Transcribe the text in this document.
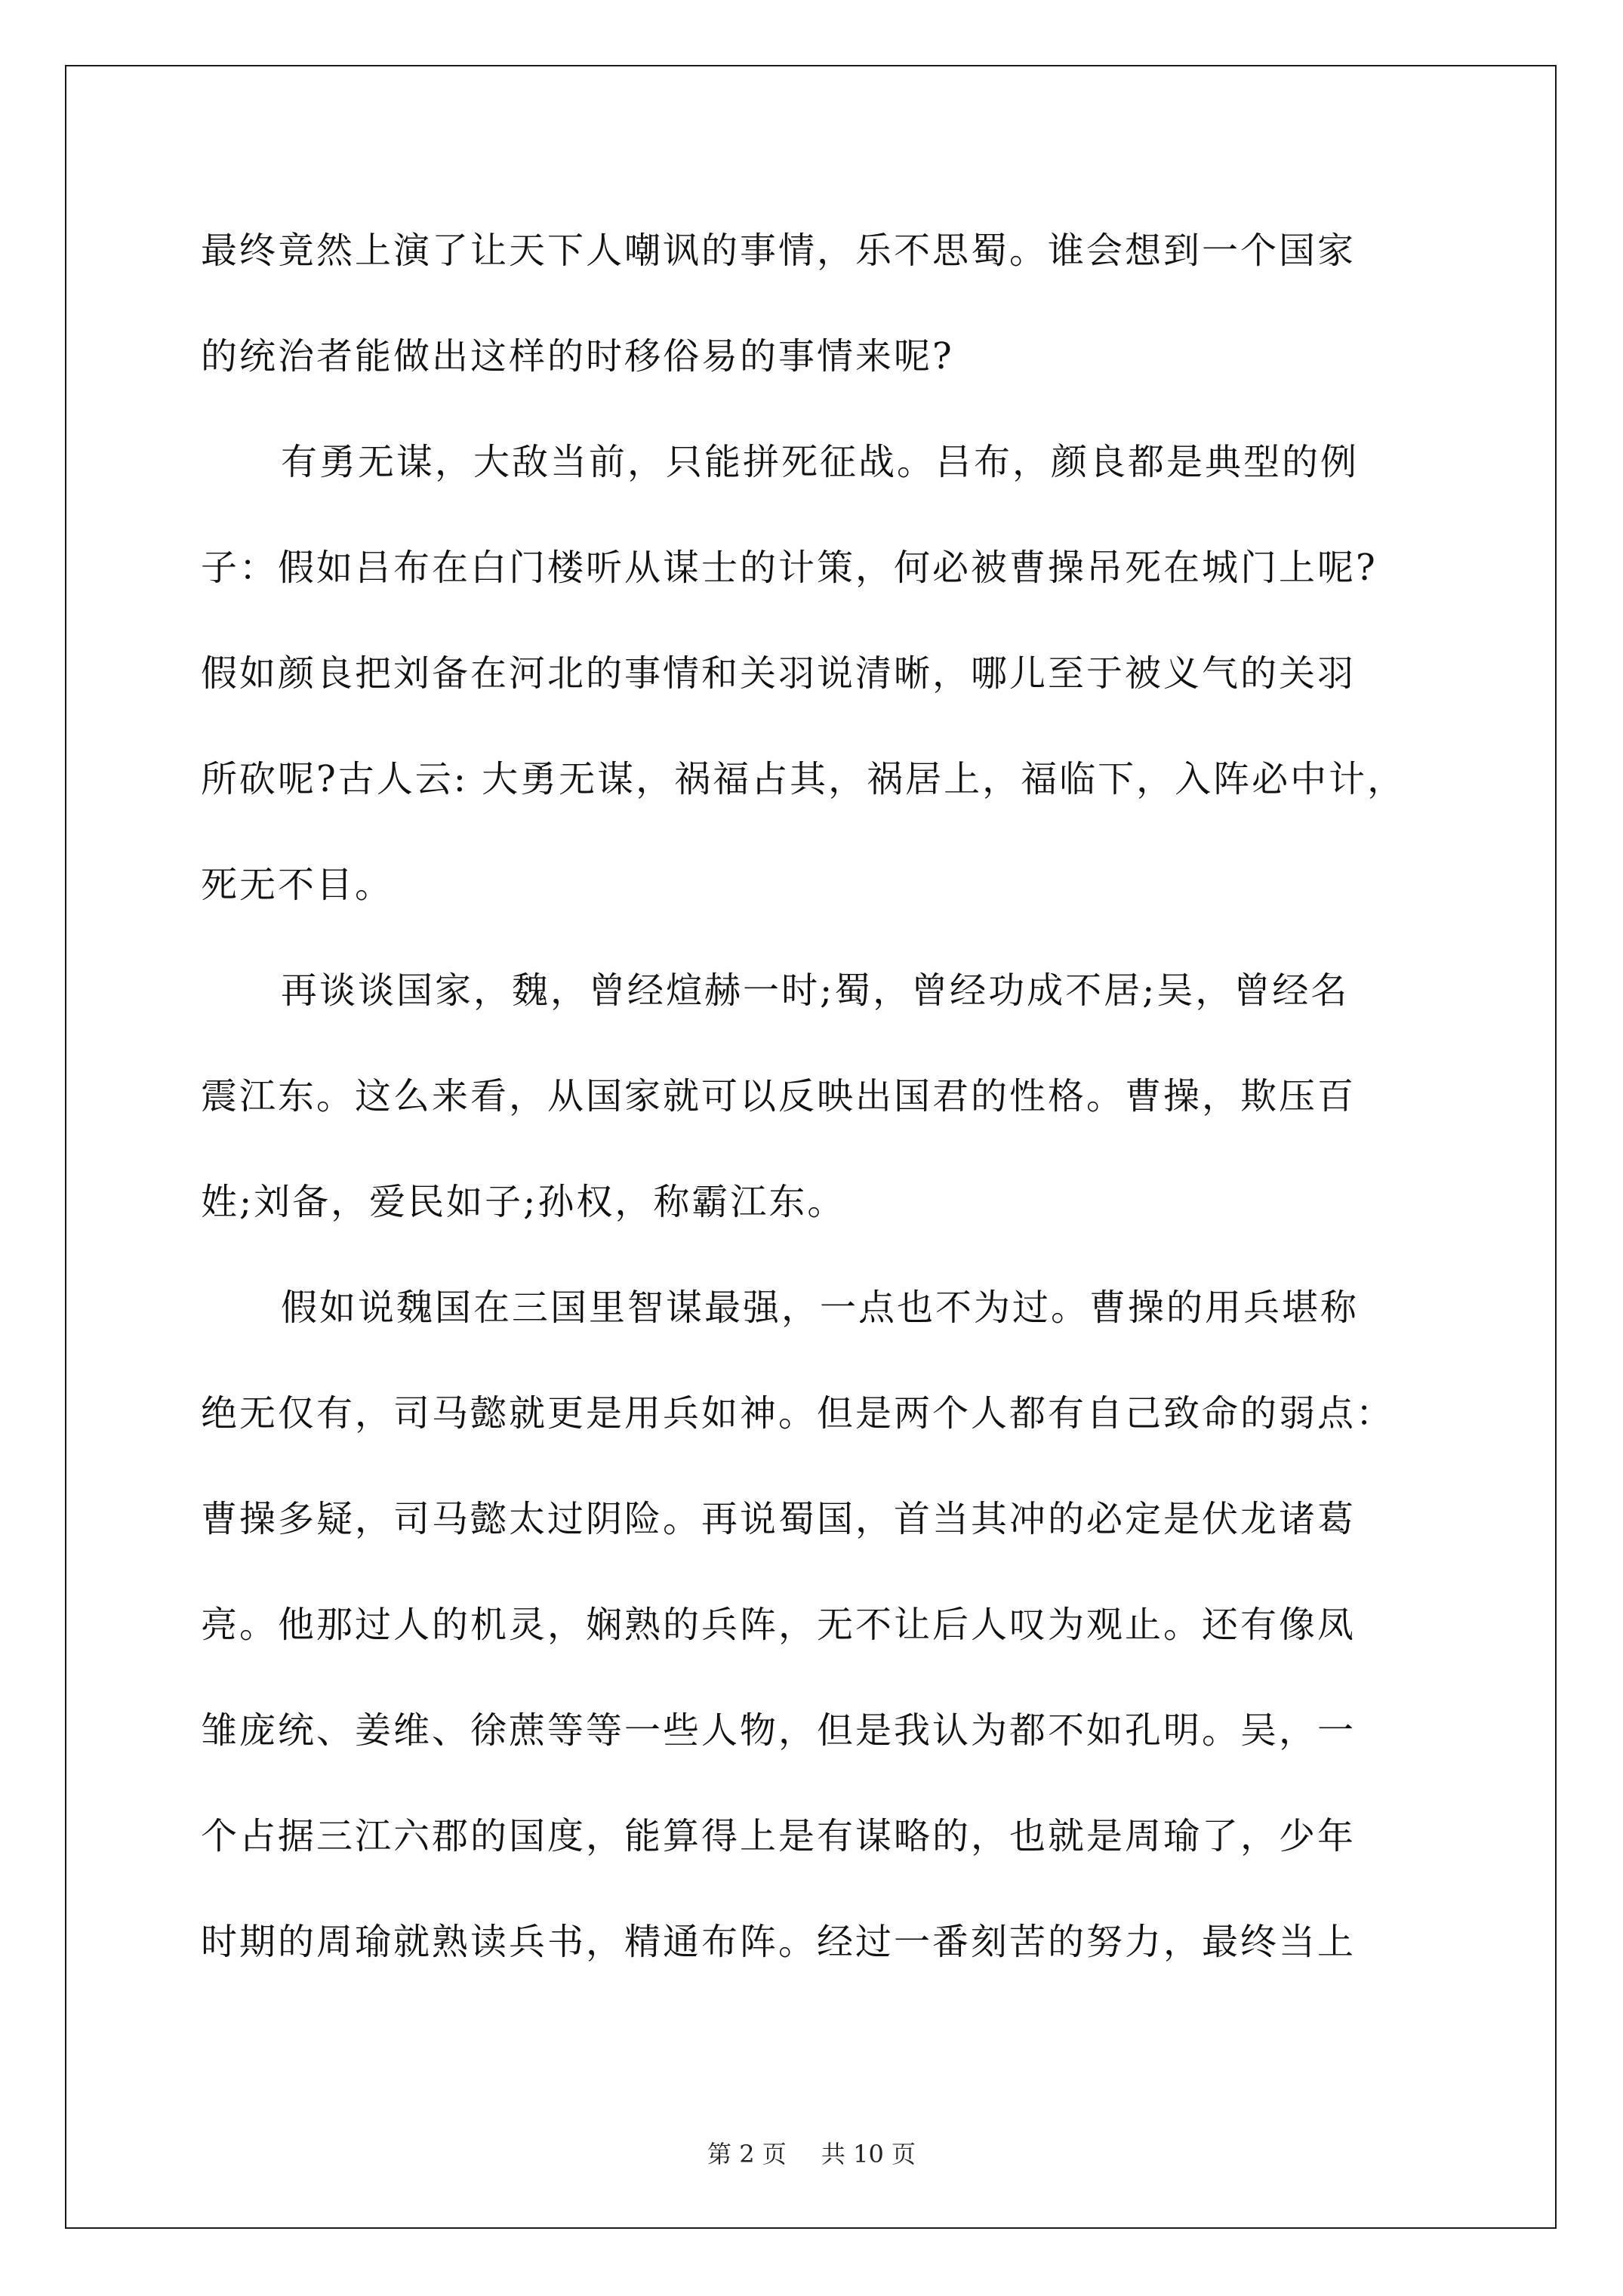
最终竟然上演了让天下人嘲讽的事情，乐不思蜀。谁会想到一个国家
的统治者能做出这样的时移俗易的事情来呢?
有勇无谋，大敌当前，只能拼死征战。吕布，颜良都是典型的例
子：假如吕布在白门楼听从谋士的计策，何必被曹操吊死在城门上呢?
假如颜良把刘备在河北的事情和关羽说清晰，哪儿至于被义气的关羽
所砍呢?古人云: 大勇无谋，祸福占其，祸居上，福临下，入阵必中计，
死无不目。
再谈谈国家，魏，曾经煊赫一时;蜀，曾经功成不居;吴，曾经名
震江东。这么来看，从国家就可以反映出国君的性格。曹操，欺压百
姓;刘备，爱民如子;孙权，称霸江东。
假如说魏国在三国里智谋最强，一点也不为过。曹操的用兵堪称
绝无仅有，司马懿就更是用兵如神。但是两个人都有自己致命的弱点：
曹操多疑，司马懿太过阴险。再说蜀国，首当其冲的必定是伏龙诸葛
亮。他那过人的机灵，娴熟的兵阵，无不让后人叹为观止。还有像凤
雏庞统、姜维、徐蔗等等一些人物，但是我认为都不如孔明。吴，一
个占据三江六郡的国度，能算得上是有谋略的，也就是周瑜了，少年
时期的周瑜就熟读兵书，精通布阵。经过一番刻苦的努力，最终当上
第 2 页 共 10 页
